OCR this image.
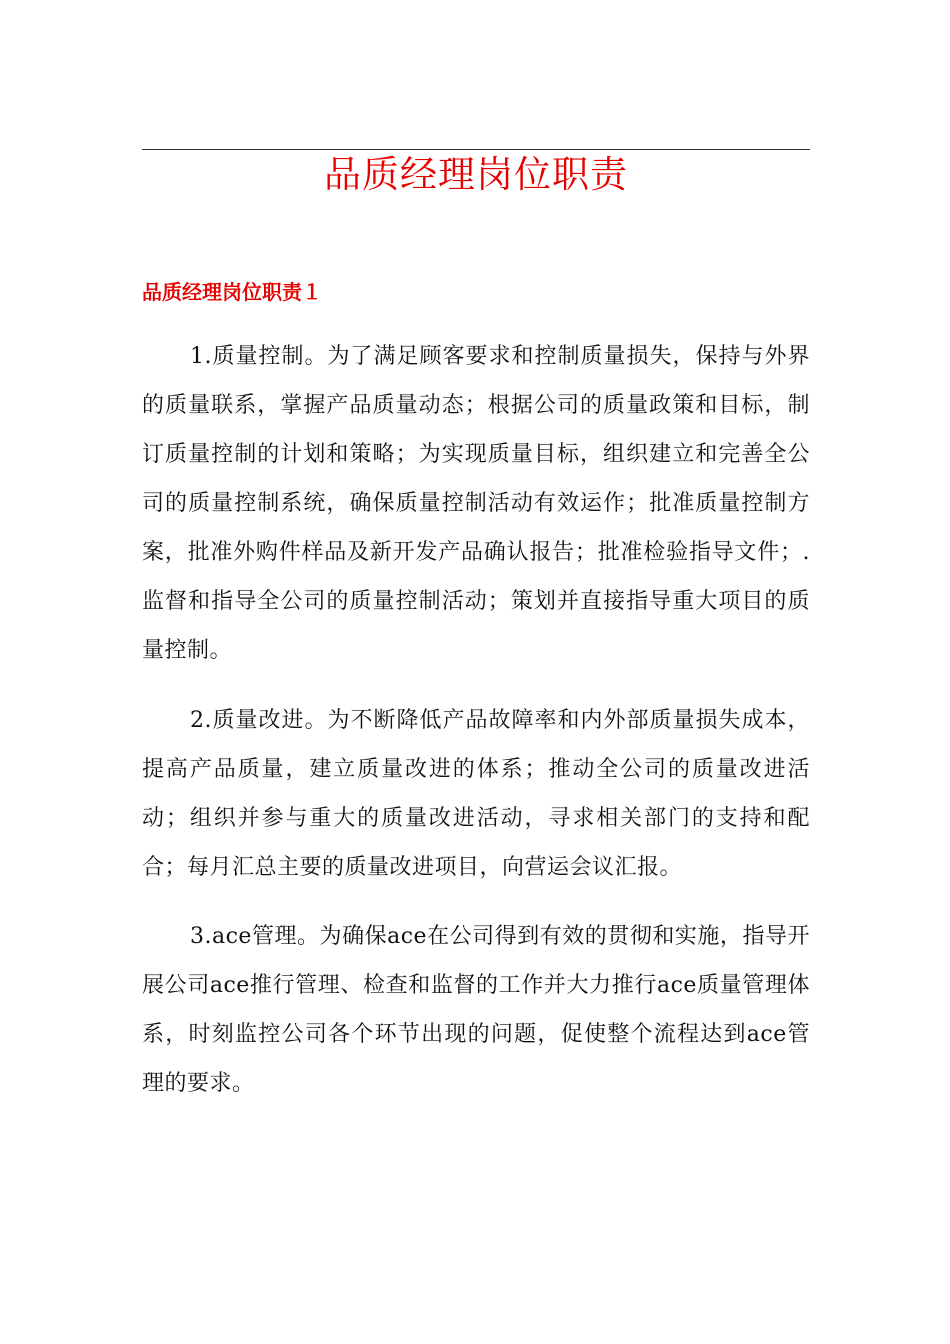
品质经理岗位职责
品质经理岗位职责１

1.质量控制。为了满足顾客要求和控制质量损失，保持与外界的质量联系，掌握产品质量动态；根据公司的质量政策和目标，制订质量控制的计划和策略；为实现质量目标，组织建立和完善全公司的质量控制系统，确保质量控制活动有效运作；批准质量控制方案，批准外购件样品及新开发产品确认报告；批准检验指导文件；.监督和指导全公司的质量控制活动；策划并直接指导重大项目的质量控制。

2.质量改进。为不断降低产品故障率和内外部质量损失成本，提高产品质量，建立质量改进的体系；推动全公司的质量改进活动；组织并参与重大的质量改进活动，寻求相关部门的支持和配合；每月汇总主要的质量改进项目，向营运会议汇报。

3.ace管理。为确保ace在公司得到有效的贯彻和实施，指导开展公司ace推行管理、检查和监督的工作并大力推行ace质量管理体系，时刻监控公司各个环节出现的问题，促使整个流程达到ace管理的要求。
